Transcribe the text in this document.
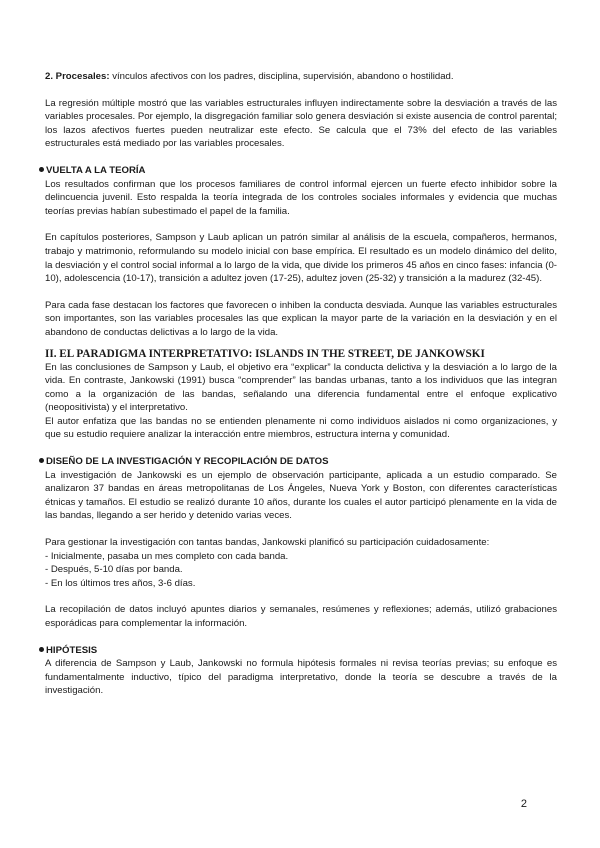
2. Procesales: vínculos afectivos con los padres, disciplina, supervisión, abandono o hostilidad.

La regresión múltiple mostró que las variables estructurales influyen indirectamente sobre la desviación a través de las variables procesales. Por ejemplo, la disgregación familiar solo genera desviación si existe ausencia de control parental; los lazos afectivos fuertes pueden neutralizar este efecto. Se calcula que el 73% del efecto de las variables estructurales está mediado por las variables procesales.

VUELTA A LA TEORÍA

Los resultados confirman que los procesos familiares de control informal ejercen un fuerte efecto inhibidor sobre la delincuencia juvenil. Esto respalda la teoría integrada de los controles sociales informales y evidencia que muchas teorías previas habían subestimado el papel de la familia.

En capítulos posteriores, Sampson y Laub aplican un patrón similar al análisis de la escuela, compañeros, hermanos, trabajo y matrimonio, reformulando su modelo inicial con base empírica. El resultado es un modelo dinámico del delito, la desviación y el control social informal a lo largo de la vida, que divide los primeros 45 años en cinco fases: infancia (0-10), adolescencia (10-17), transición a adultez joven (17-25), adultez joven (25-32) y transición a la madurez (32-45).

Para cada fase destacan los factores que favorecen o inhiben la conducta desviada. Aunque las variables estructurales son importantes, son las variables procesales las que explican la mayor parte de la variación en la desviación y en el abandono de conductas delictivas a lo largo de la vida.

II. EL PARADIGMA INTERPRETATIVO: ISLANDS IN THE STREET, DE JANKOWSKI

En las conclusiones de Sampson y Laub, el objetivo era “explicar” la conducta delictiva y la desviación a lo largo de la vida. En contraste, Jankowski (1991) busca “comprender” las bandas urbanas, tanto a los individuos que las integran como a la organización de las bandas, señalando una diferencia fundamental entre el enfoque explicativo (neopositivista) y el interpretativo.

El autor enfatiza que las bandas no se entienden plenamente ni como individuos aislados ni como organizaciones, y que su estudio requiere analizar la interacción entre miembros, estructura interna y comunidad.

DISEÑO DE LA INVESTIGACIÓN Y RECOPILACIÓN DE DATOS

La investigación de Jankowski es un ejemplo de observación participante, aplicada a un estudio comparado. Se analizaron 37 bandas en áreas metropolitanas de Los Ángeles, Nueva York y Boston, con diferentes características étnicas y tamaños. El estudio se realizó durante 10 años, durante los cuales el autor participó plenamente en la vida de las bandas, llegando a ser herido y detenido varias veces.

Para gestionar la investigación con tantas bandas, Jankowski planificó su participación cuidadosamente:

- Inicialmente, pasaba un mes completo con cada banda.

- Después, 5-10 días por banda.

- En los últimos tres años, 3-6 días.

La recopilación de datos incluyó apuntes diarios y semanales, resúmenes y reflexiones; además, utilizó grabaciones esporádicas para complementar la información.

HIPÓTESIS

A diferencia de Sampson y Laub, Jankowski no formula hipótesis formales ni revisa teorías previas; su enfoque es fundamentalmente inductivo, típico del paradigma interpretativo, donde la teoría se descubre a través de la investigación.

2
